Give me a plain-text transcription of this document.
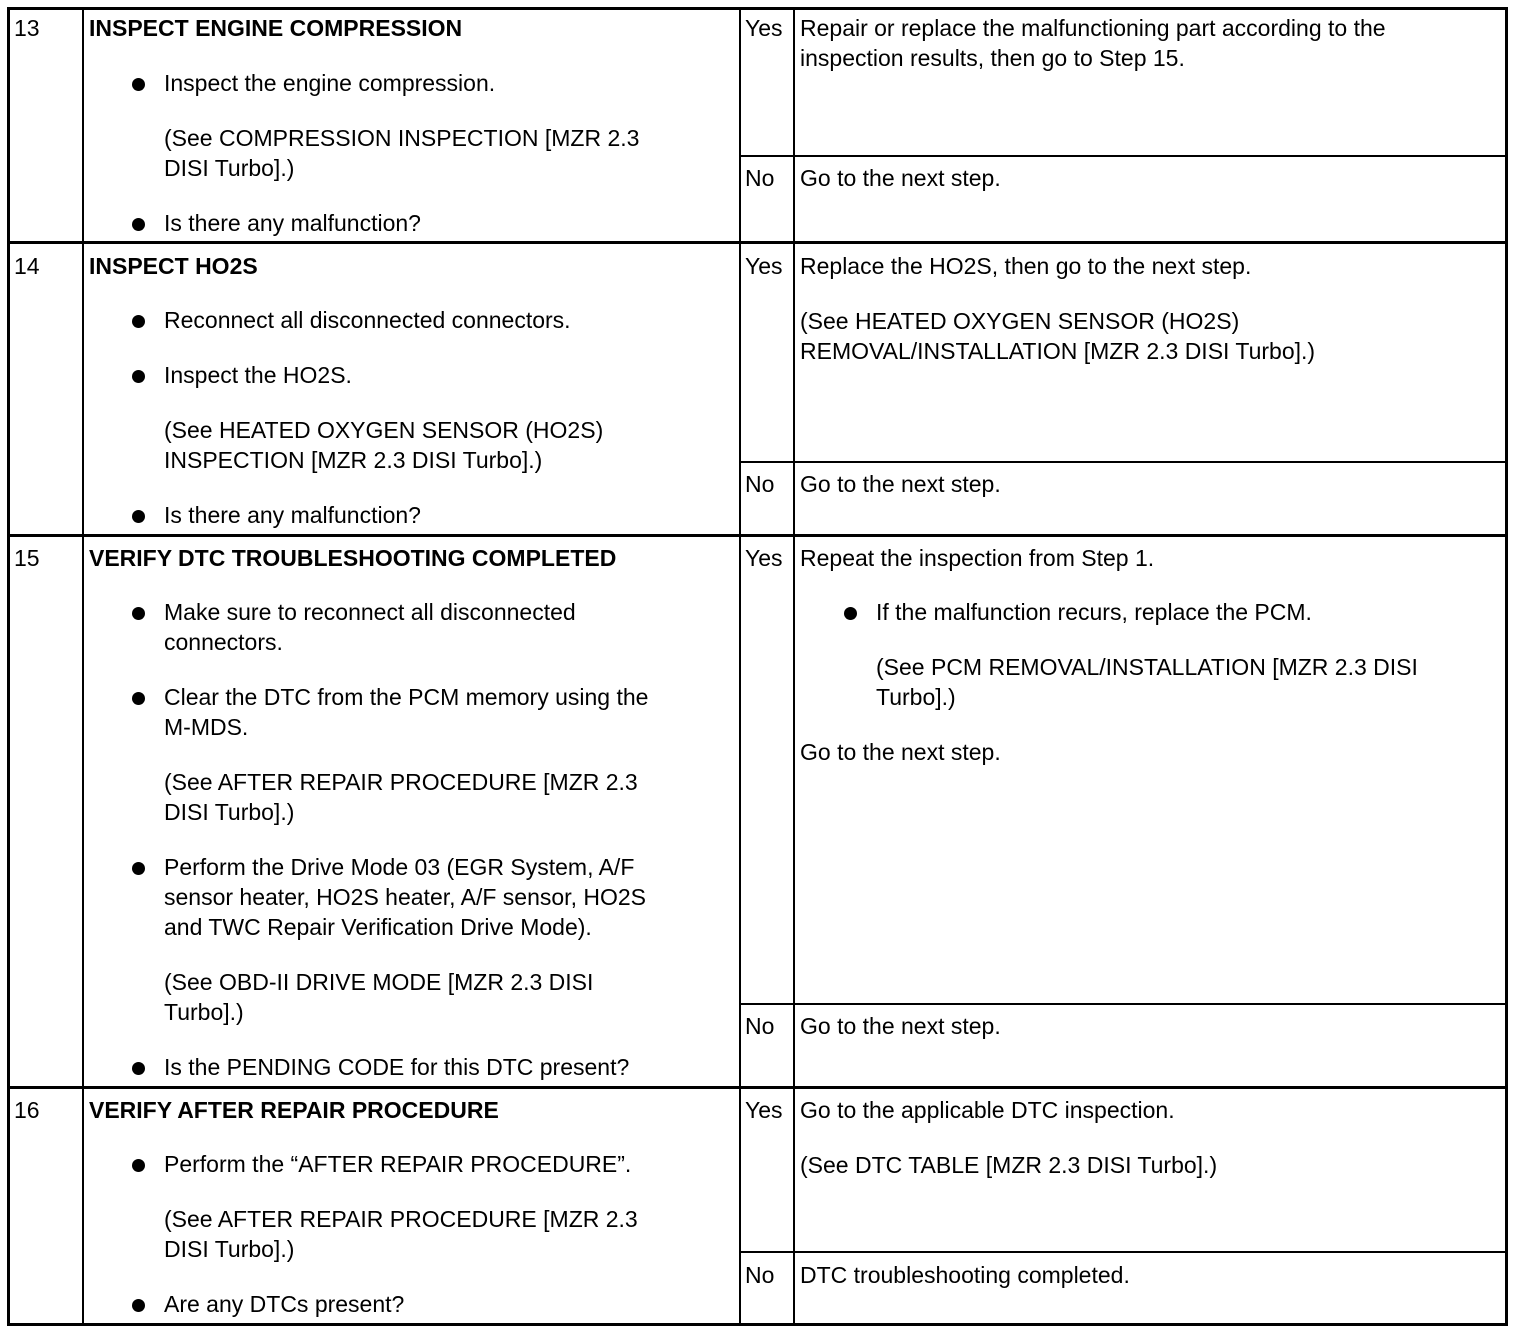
13 INSPECT ENGINE COMPRESSION
Inspect the engine compression.
(See COMPRESSION INSPECTION [MZR 2.3
DISI Turbo].)
Is there any malfunction?
Yes Repair or replace the malfunctioning part according to the
inspection results, then go to Step 15.
No Go to the next step.
14 INSPECT HO2S
Reconnect all disconnected connectors.
Inspect the HO2S.
(See HEATED OXYGEN SENSOR (HO2S)
INSPECTION [MZR 2.3 DISI Turbo].)
Is there any malfunction?
Yes Replace the HO2S, then go to the next step.
(See HEATED OXYGEN SENSOR (HO2S)
REMOVAL/INSTALLATION [MZR 2.3 DISI Turbo].)
No Go to the next step.
15 VERIFY DTC TROUBLESHOOTING COMPLETED
Make sure to reconnect all disconnected
connectors.
Clear the DTC from the PCM memory using the
M-MDS.
(See AFTER REPAIR PROCEDURE [MZR 2.3
DISI Turbo].)
Perform the Drive Mode 03 (EGR System, A/F
sensor heater, HO2S heater, A/F sensor, HO2S
and TWC Repair Verification Drive Mode).
(See OBD-II DRIVE MODE [MZR 2.3 DISI
Turbo].)
Is the PENDING CODE for this DTC present?
Yes Repeat the inspection from Step 1.
If the malfunction recurs, replace the PCM.
(See PCM REMOVAL/INSTALLATION [MZR 2.3 DISI
Turbo].)
Go to the next step.
No Go to the next step.
16 VERIFY AFTER REPAIR PROCEDURE
Perform the “AFTER REPAIR PROCEDURE”.
(See AFTER REPAIR PROCEDURE [MZR 2.3
DISI Turbo].)
Are any DTCs present?
Yes Go to the applicable DTC inspection.
(See DTC TABLE [MZR 2.3 DISI Turbo].)
No DTC troubleshooting completed.
